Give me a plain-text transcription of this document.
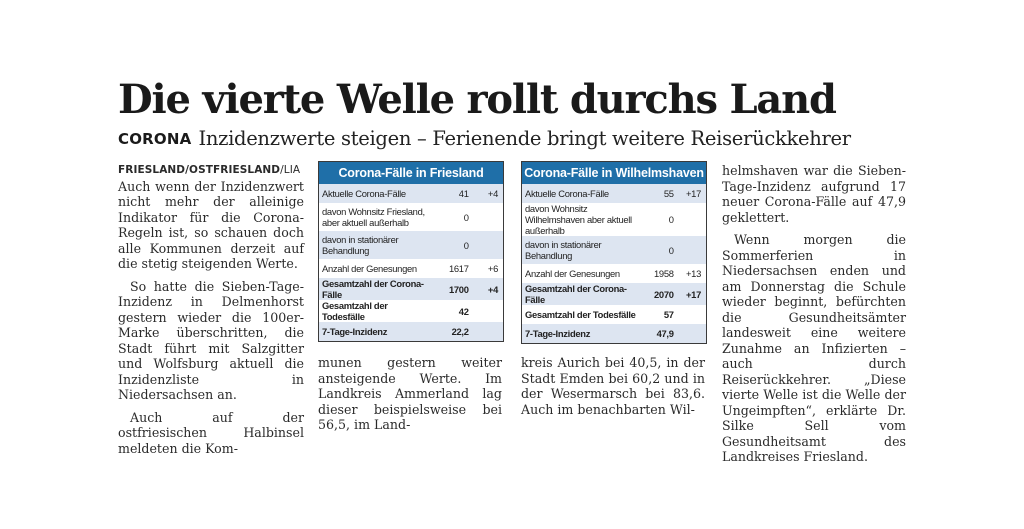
Die vierte Welle rollt durchs Land
CORONA Inzidenzwerte steigen – Ferienende bringt weitere Reiserückkehrer
FRIESLAND/OSTFRIESLAND/LIA

Auch wenn der Inzidenzwert nicht mehr der alleinige Indikator für die Corona-Regeln ist, so schauen doch alle Kommunen derzeit auf die stetig steigenden Werte.

So hatte die Sieben-Tage-Inzidenz in Delmenhorst gestern wieder die 100er-Marke überschritten, die Stadt führt mit Salzgitter und Wolfsburg aktuell die Inzidenzliste in Niedersachsen an.

Auch auf der ostfriesischen Halbinsel meldeten die Kom-

Corona-Fälle in Friesland
Aktuelle Corona-Fälle	41	+4
davon Wohnsitz Friesland, aber aktuell außerhalb	0	
davon in stationärer Behandlung	0	
Anzahl der Genesungen	1617	+6
Gesamtzahl der Corona-Fälle	1700	+4
Gesamtzahl der Todesfälle	42	
7-Tage-Inzidenz	22,2	
Corona-Fälle in Wilhelmshaven
Aktuelle Corona-Fälle	55	+17
davon Wohnsitz Wilhelmshaven aber aktuell außerhalb	0	
davon in stationärer Behandlung	0	
Anzahl der Genesungen	1958	+13
Gesamtzahl der Corona-Fälle	2070	+17
Gesamtzahl der Todesfälle	57	
7-Tage-Inzidenz	47,9	

munen gestern weiter ansteigende Werte. Im Landkreis Ammerland lag dieser beispielsweise bei 56,5, im Land-

kreis Aurich bei 40,5, in der Stadt Emden bei 60,2 und in der Wesermarsch bei 83,6. Auch im benachbarten Wil-

helmshaven war die Sieben-Tage-Inzidenz aufgrund 17 neuer Corona-Fälle auf 47,9 geklettert.

Wenn morgen die Sommerferien in Niedersachsen enden und am Donnerstag die Schule wieder beginnt, befürchten die Gesundheitsämter landesweit eine weitere Zunahme an Infizierten – auch durch Reiserückkehrer. „Diese vierte Welle ist die Welle der Ungeimpften“, erklärte Dr. Silke Sell vom Gesundheitsamt des Landkreises Friesland.
